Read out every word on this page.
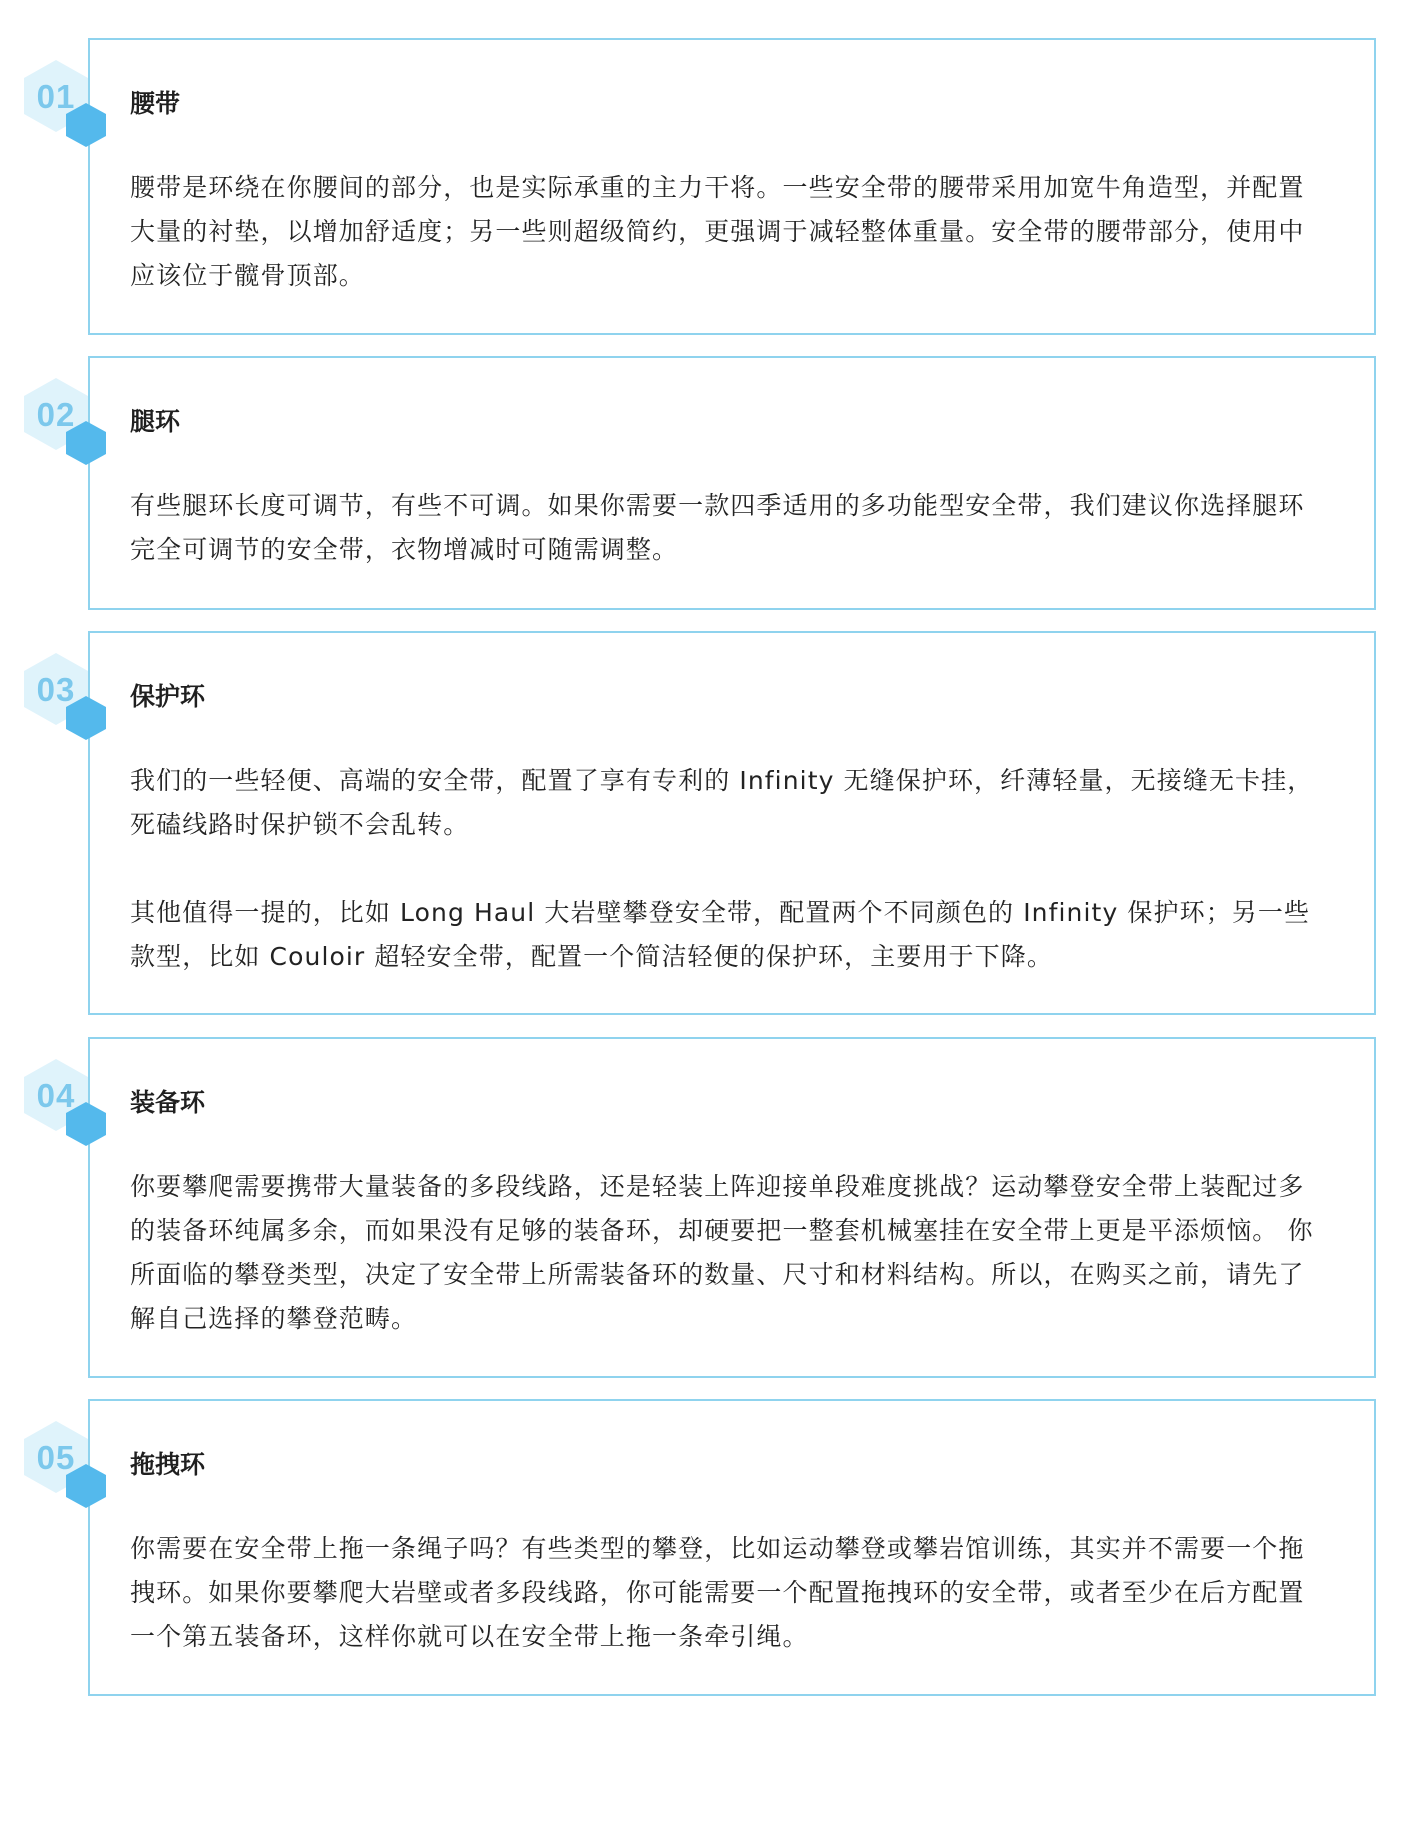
腰带

腰带是环绕在你腰间的部分，也是实际承重的主力干将。一些安全带的腰带采用加宽牛角造型，并配置大量的衬垫，以增加舒适度；另一些则超级简约，更强调于减轻整体重量。安全带的腰带部分，使用中应该位于髋骨顶部。

01
腿环

有些腿环长度可调节，有些不可调。如果你需要一款四季适用的多功能型安全带，我们建议你选择腿环完全可调节的安全带，衣物增减时可随需调整。

02
保护环

我们的一些轻便、高端的安全带，配置了享有专利的 Infinity 无缝保护环，纤薄轻量，无接缝无卡挂，死磕线路时保护锁不会乱转。

其他值得一提的，比如 Long Haul 大岩壁攀登安全带，配置两个不同颜色的 Infinity 保护环；另一些款型，比如 Couloir 超轻安全带，配置一个简洁轻便的保护环，主要用于下降。

03
装备环

你要攀爬需要携带大量装备的多段线路，还是轻装上阵迎接单段难度挑战？运动攀登安全带上装配过多的装备环纯属多余，而如果没有足够的装备环，却硬要把一整套机械塞挂在安全带上更是平添烦恼。 你所面临的攀登类型，决定了安全带上所需装备环的数量、尺寸和材料结构。所以，在购买之前，请先了解自己选择的攀登范畴。

04
拖拽环

你需要在安全带上拖一条绳子吗？有些类型的攀登，比如运动攀登或攀岩馆训练，其实并不需要一个拖拽环。如果你要攀爬大岩壁或者多段线路，你可能需要一个配置拖拽环的安全带，或者至少在后方配置一个第五装备环，这样你就可以在安全带上拖一条牵引绳。

05
